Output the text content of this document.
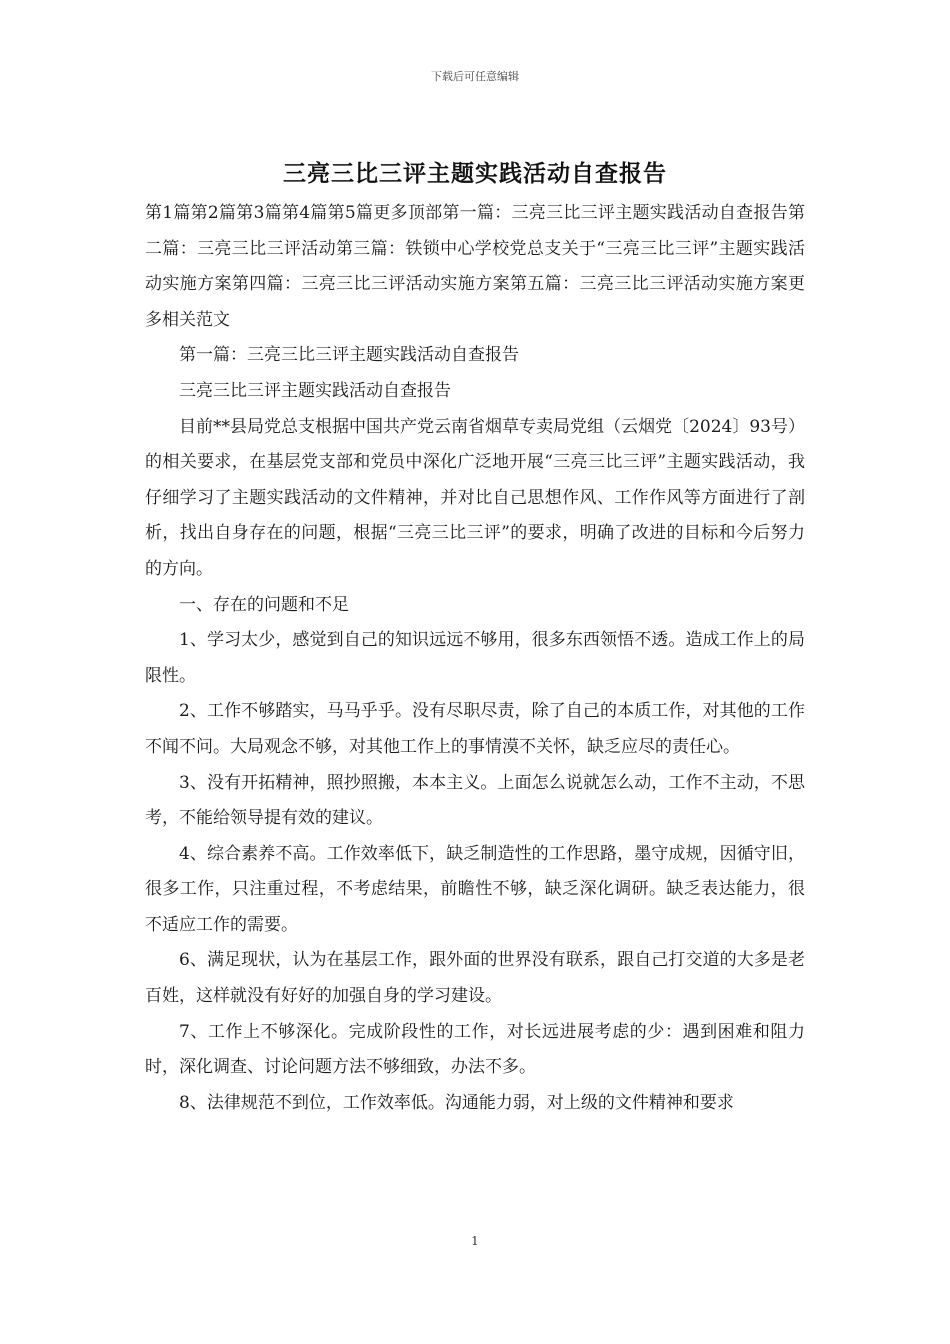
下载后可任意编辑
三亮三比三评主题实践活动自查报告

第1篇第2篇第3篇第4篇第5篇更多顶部第一篇：三亮三比三评主题实践活动自查报告第二篇：三亮三比三评活动第三篇：铁锁中心学校党总支关于“三亮三比三评”主题实践活动实施方案第四篇：三亮三比三评活动实施方案第五篇：三亮三比三评活动实施方案更多相关范文

第一篇：三亮三比三评主题实践活动自查报告

三亮三比三评主题实践活动自查报告

目前**县局党总支根据中国共产党云南省烟草专卖局党组（云烟党〔2024〕93号）的相关要求，在基层党支部和党员中深化广泛地开展“三亮三比三评”主题实践活动，我仔细学习了主题实践活动的文件精神，并对比自己思想作风、工作作风等方面进行了剖析，找出自身存在的问题，根据“三亮三比三评”的要求，明确了改进的目标和今后努力的方向。

一、存在的问题和不足

1、学习太少，感觉到自己的知识远远不够用，很多东西领悟不透。造成工作上的局限性。

2、工作不够踏实，马马乎乎。没有尽职尽责，除了自己的本质工作，对其他的工作不闻不问。大局观念不够，对其他工作上的事情漠不关怀，缺乏应尽的责任心。

3、没有开拓精神，照抄照搬，本本主义。上面怎么说就怎么动，工作不主动，不思考，不能给领导提有效的建议。

4、综合素养不高。工作效率低下，缺乏制造性的工作思路，墨守成规，因循守旧，很多工作，只注重过程，不考虑结果，前瞻性不够，缺乏深化调研。缺乏表达能力，很不适应工作的需要。

6、满足现状，认为在基层工作，跟外面的世界没有联系，跟自己打交道的大多是老百姓，这样就没有好好的加强自身的学习建设。

7、工作上不够深化。完成阶段性的工作，对长远进展考虑的少：遇到困难和阻力时，深化调查、讨论问题方法不够细致，办法不多。

8、法律规范不到位，工作效率低。沟通能力弱，对上级的文件精神和要求

1
